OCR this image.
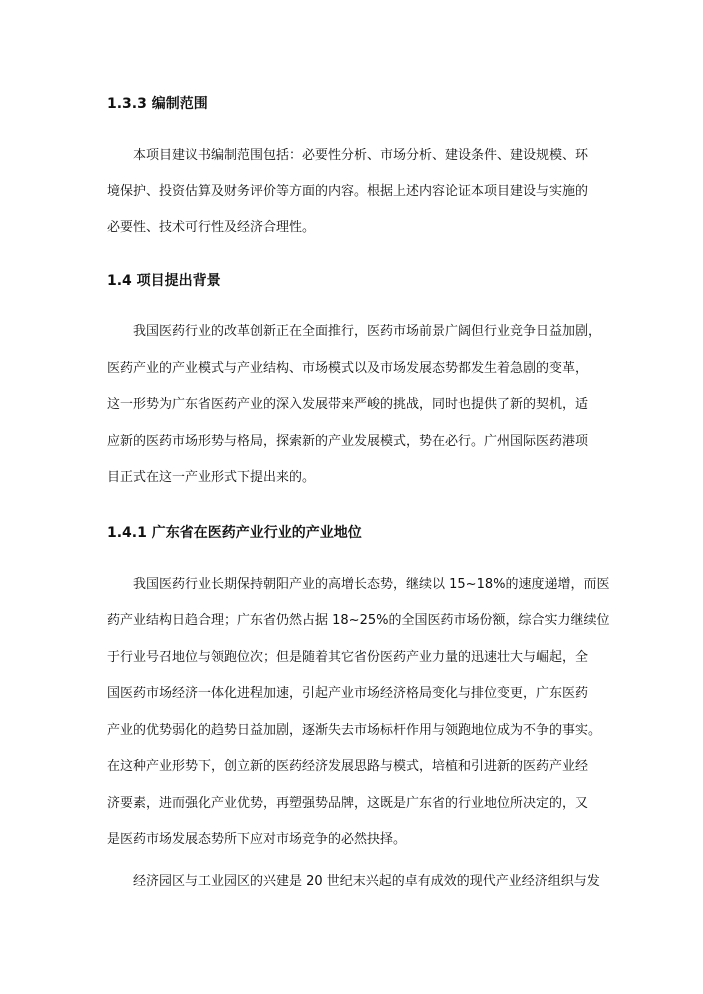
1.3.3 编制范围
本项目建议书编制范围包括：必要性分析、市场分析、建设条件、建设规模、环
境保护、投资估算及财务评价等方面的内容。根据上述内容论证本项目建设与实施的
必要性、技术可行性及经济合理性。
1.4 项目提出背景
我国医药行业的改革创新正在全面推行，医药市场前景广阔但行业竞争日益加剧，
医药产业的产业模式与产业结构、市场模式以及市场发展态势都发生着急剧的变革，
这一形势为广东省医药产业的深入发展带来严峻的挑战，同时也提供了新的契机，适
应新的医药市场形势与格局，探索新的产业发展模式，势在必行。广州国际医药港项
目正式在这一产业形式下提出来的。
1.4.1 广东省在医药产业行业的产业地位
我国医药行业长期保持朝阳产业的高增长态势，继续以 15~18%的速度递增，而医
药产业结构日趋合理；广东省仍然占据 18~25%的全国医药市场份额，综合实力继续位
于行业号召地位与领跑位次；但是随着其它省份医药产业力量的迅速壮大与崛起，全
国医药市场经济一体化进程加速，引起产业市场经济格局变化与排位变更，广东医药
产业的优势弱化的趋势日益加剧，逐渐失去市场标杆作用与领跑地位成为不争的事实。
在这种产业形势下，创立新的医药经济发展思路与模式，培植和引进新的医药产业经
济要素，进而强化产业优势，再塑强势品牌，这既是广东省的行业地位所决定的，又
是医药市场发展态势所下应对市场竞争的必然抉择。
经济园区与工业园区的兴建是 20 世纪末兴起的卓有成效的现代产业经济组织与发
